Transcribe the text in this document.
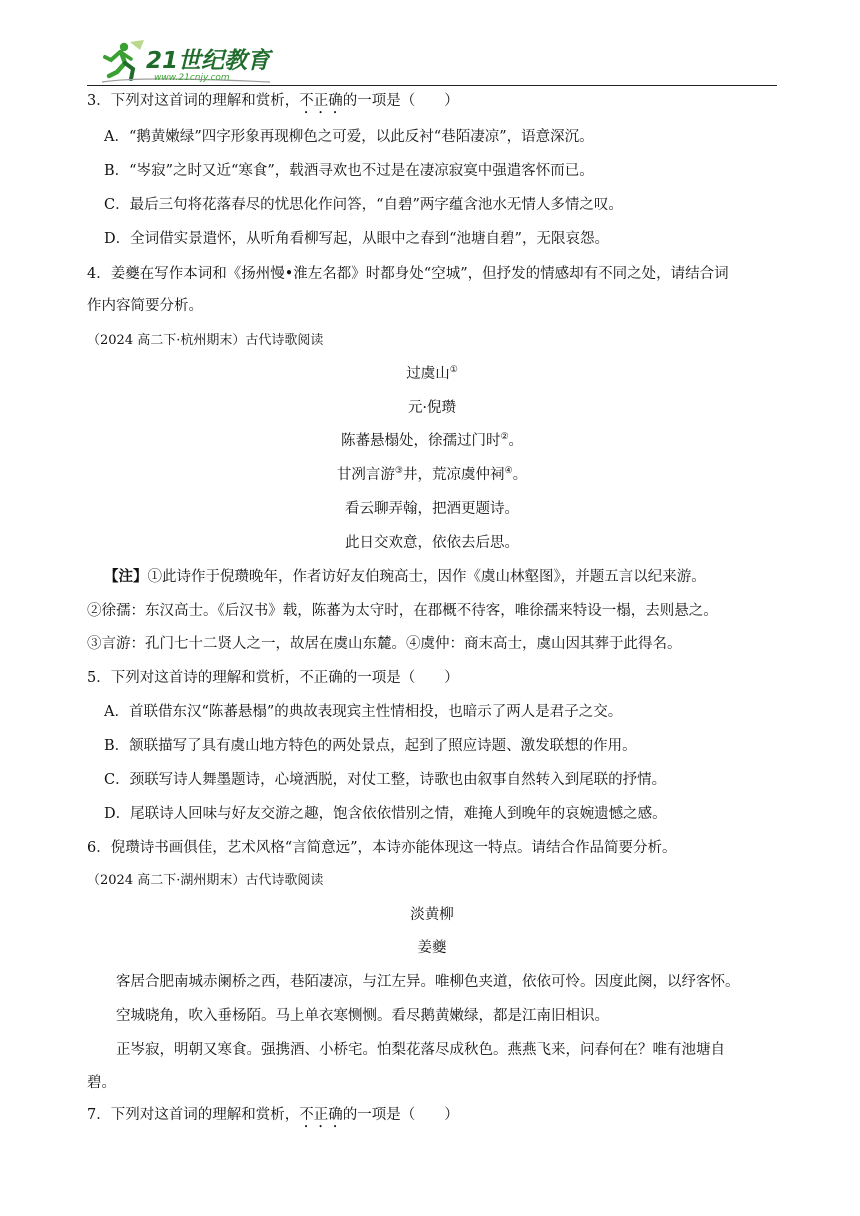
21世纪教育
www.21cnjy.com
3．下列对这首词的理解和赏析，不正确的一项是（　　）
A．“鹅黄嫩绿”四字形象再现柳色之可爱，以此反衬“巷陌凄凉”，语意深沉。
B．“岑寂”之时又近“寒食”，载酒寻欢也不过是在凄凉寂寞中强遣客怀而已。
C．最后三句将花落春尽的忧思化作问答，“自碧”两字蕴含池水无情人多情之叹。
D．全词借实景遣怀，从听角看柳写起，从眼中之春到“池塘自碧”，无限哀怨。
4．姜夔在写作本词和《扬州慢•淮左名都》时都身处“空城”，但抒发的情感却有不同之处，请结合词
作内容简要分析。
（2024 高二下·杭州期末）古代诗歌阅读
过虞山①
元·倪瓒
陈蕃悬榻处，徐孺过门时②。
甘冽言游③井，荒凉虞仲祠④。
看云聊弄翰，把酒更题诗。
此日交欢意，依依去后思。
【注】①此诗作于倪瓒晚年，作者访好友伯琬高士，因作《虞山林壑图》，并题五言以纪来游。
②徐孺：东汉高士。《后汉书》载，陈蕃为太守时，在郡概不待客，唯徐孺来特设一榻，去则悬之。
③言游：孔门七十二贤人之一，故居在虞山东麓。④虞仲：商末高士，虞山因其葬于此得名。
5．下列对这首诗的理解和赏析，不正确的一项是（　　）
A．首联借东汉“陈蕃悬榻”的典故表现宾主性情相投，也暗示了两人是君子之交。
B．颔联描写了具有虞山地方特色的两处景点，起到了照应诗题、激发联想的作用。
C．颈联写诗人舞墨题诗，心境洒脱，对仗工整，诗歌也由叙事自然转入到尾联的抒情。
D．尾联诗人回味与好友交游之趣，饱含依依惜别之情，难掩人到晚年的哀婉遗憾之感。
6．倪瓒诗书画俱佳，艺术风格“言简意远”，本诗亦能体现这一特点。请结合作品简要分析。
（2024 高二下·湖州期末）古代诗歌阅读
淡黄柳
姜夔
客居合肥南城赤阑桥之西，巷陌凄凉，与江左异。唯柳色夹道，依依可怜。因度此阕，以纾客怀。
空城晓角，吹入垂杨陌。马上单衣寒恻恻。看尽鹅黄嫩绿，都是江南旧相识。
正岑寂，明朝又寒食。强携酒、小桥宅。怕梨花落尽成秋色。燕燕飞来，问春何在？唯有池塘自
碧。
7．下列对这首词的理解和赏析，不正确的一项是（　　）
